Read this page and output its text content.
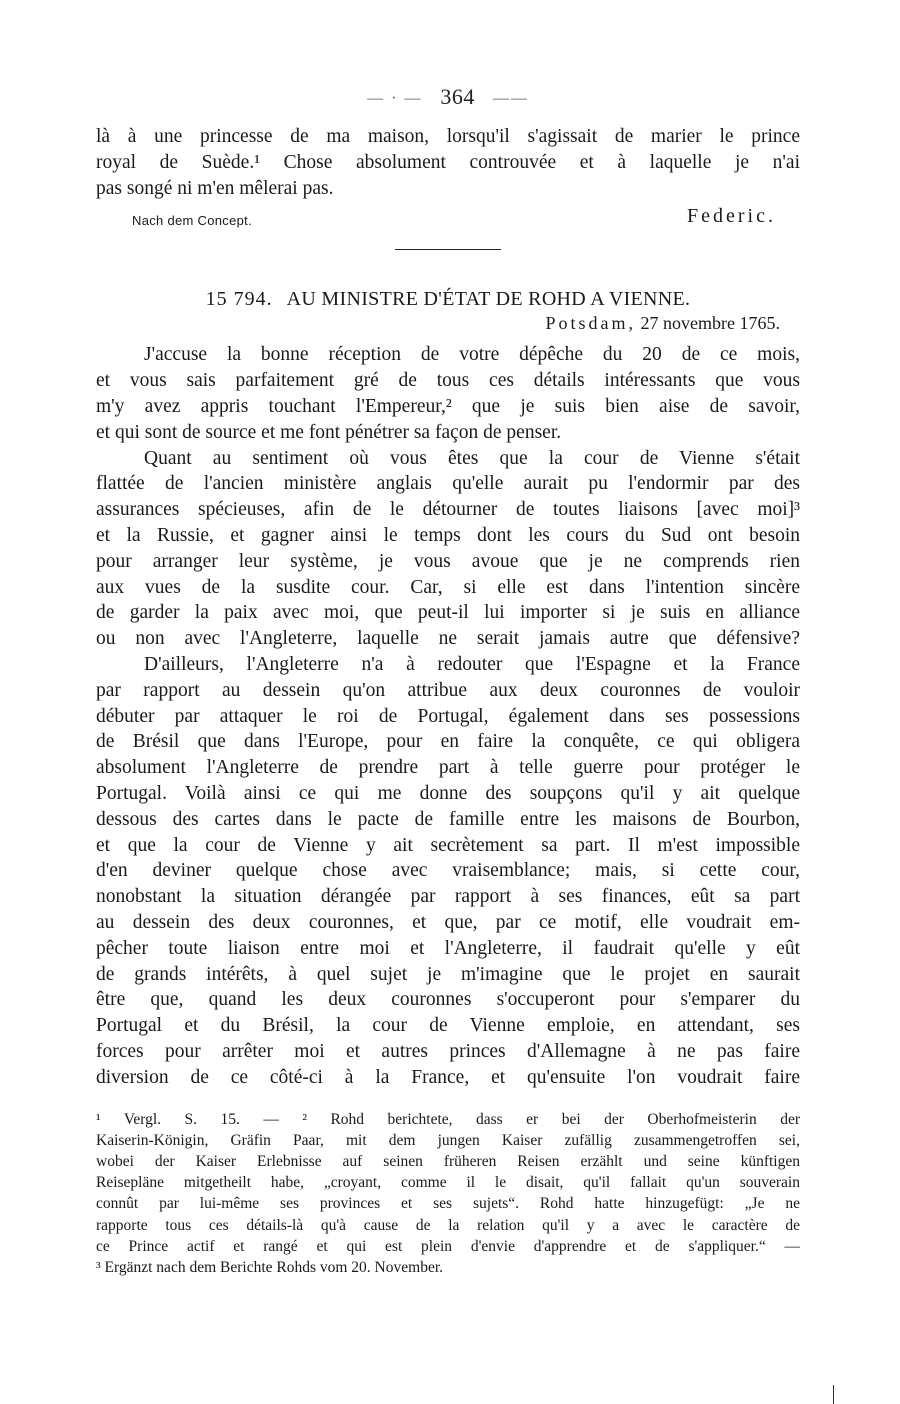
— · — 364 ——
là à une princesse de ma maison, lorsqu'il s'agissait de marier le prince
royal de Suède.¹ Chose absolument controuvée et à laquelle je n'ai
pas songé ni m'en mêlerai pas.
Nach dem Concept.	Federic.
15 794. AU MINISTRE D'ÉTAT DE ROHD A VIENNE.
Potsdam, 27 novembre 1765.

J'accuse la bonne réception de votre dépêche du 20 de ce mois,
et vous sais parfaitement gré de tous ces détails intéressants que vous
m'y avez appris touchant l'Empereur,² que je suis bien aise de savoir,
et qui sont de source et me font pénétrer sa façon de penser.

Quant au sentiment où vous êtes que la cour de Vienne s'était
flattée de l'ancien ministère anglais qu'elle aurait pu l'endormir par des
assurances spécieuses, afin de le détourner de toutes liaisons [avec moi]³
et la Russie, et gagner ainsi le temps dont les cours du Sud ont besoin
pour arranger leur système, je vous avoue que je ne comprends rien
aux vues de la susdite cour. Car, si elle est dans l'intention sincère
de garder la paix avec moi, que peut-il lui importer si je suis en alliance
ou non avec l'Angleterre, laquelle ne serait jamais autre que défensive?

D'ailleurs, l'Angleterre n'a à redouter que l'Espagne et la France
par rapport au dessein qu'on attribue aux deux couronnes de vouloir
débuter par attaquer le roi de Portugal, également dans ses possessions
de Brésil que dans l'Europe, pour en faire la conquête, ce qui obligera
absolument l'Angleterre de prendre part à telle guerre pour protéger le
Portugal. Voilà ainsi ce qui me donne des soupçons qu'il y ait quelque
dessous des cartes dans le pacte de famille entre les maisons de Bourbon,
et que la cour de Vienne y ait secrètement sa part. Il m'est impossible
d'en deviner quelque chose avec vraisemblance; mais, si cette cour,
nonobstant la situation dérangée par rapport à ses finances, eût sa part
au dessein des deux couronnes, et que, par ce motif, elle voudrait em-
pêcher toute liaison entre moi et l'Angleterre, il faudrait qu'elle y eût
de grands intérêts, à quel sujet je m'imagine que le projet en saurait
être que, quand les deux couronnes s'occuperont pour s'emparer du
Portugal et du Brésil, la cour de Vienne emploie, en attendant, ses
forces pour arrêter moi et autres princes d'Allemagne à ne pas faire
diversion de ce côté-ci à la France, et qu'ensuite l'on voudrait faire

¹ Vergl. S. 15. — ² Rohd berichtete, dass er bei der Oberhofmeisterin der
Kaiserin-Königin, Gräfin Paar, mit dem jungen Kaiser zufällig zusammengetroffen sei,
wobei der Kaiser Erlebnisse auf seinen früheren Reisen erzählt und seine künftigen
Reisepläne mitgetheilt habe, „croyant, comme il le disait, qu'il fallait qu'un souverain
connût par lui-même ses provinces et ses sujets“. Rohd hatte hinzugefügt: „Je ne
rapporte tous ces détails-là qu'à cause de la relation qu'il y a avec le caractère de
ce Prince actif et rangé et qui est plein d'envie d'apprendre et de s'appliquer.“ —
³ Ergänzt nach dem Berichte Rohds vom 20. November.
